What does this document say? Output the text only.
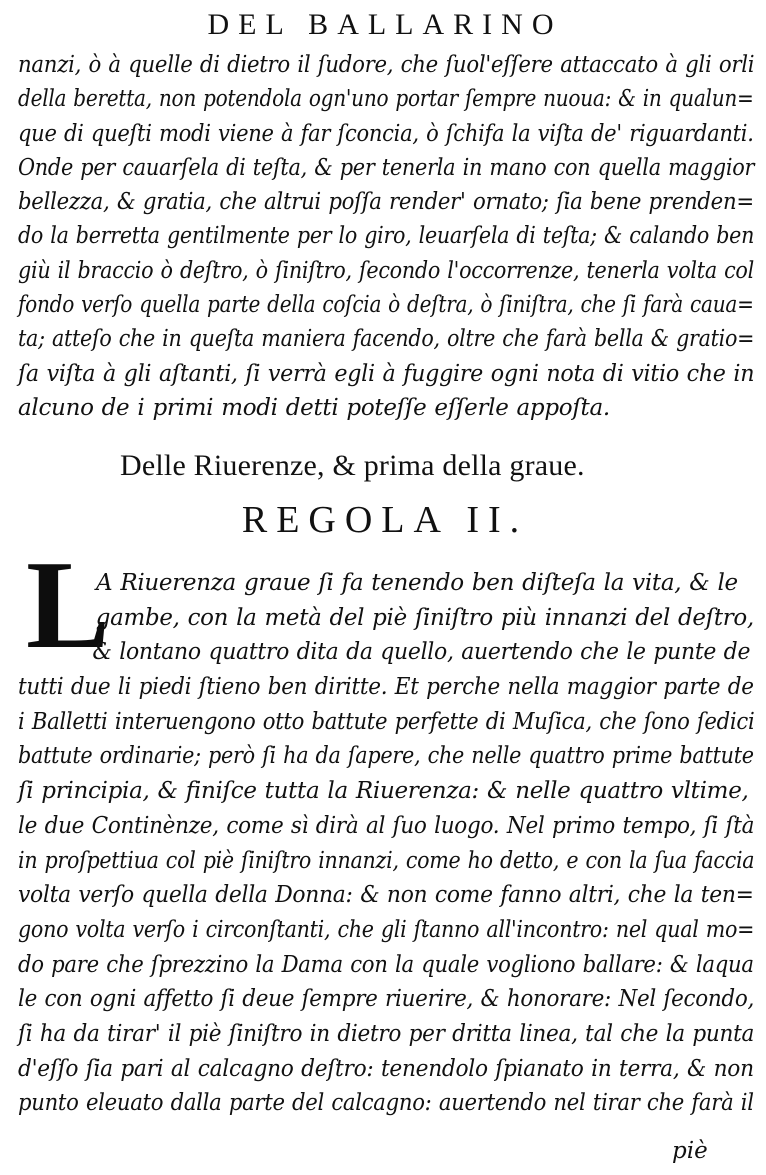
DEL BALLARINO
nanzi, ò à quelle di dietro il ſudore, che ſuol'eſſere attaccato à gli orli
della beretta, non potendola ogn'uno portar ſempre nuoua: & in qualun=
que di queſti modi viene à far ſconcia, ò ſchifa la viſta de' riguardanti.
Onde per cauarſela di teſta, & per tenerla in mano con quella maggior
bellezza, & gratia, che altrui poſſa render' ornato; ſia bene prenden=
do la berretta gentilmente per lo giro, leuarſela di teſta; & calando ben
giù il braccio ò deſtro, ò ſiniſtro, ſecondo l'occorrenze, tenerla volta col
fondo verſo quella parte della coſcia ò deſtra, ò ſiniſtra, che ſi farà caua=
ta; atteſo che in queſta maniera facendo, oltre che farà bella & gratio=
ſa viſta à gli aſtanti, ſi verrà egli à fuggire ogni nota di vitio che in
alcuno de i primi modi detti poteſſe eſſerle appoſta.
Delle Riuerenze, & prima della graue.
REGOLA II.
L
A Riuerenza graue ſi fa tenendo ben diſteſa la vita, & le
gambe, con la metà del piè ſiniſtro più innanzi del deſtro,
& lontano quattro dita da quello, auertendo che le punte de
tutti due li piedi ſtieno ben diritte. Et perche nella maggior parte de
i Balletti interuengono otto battute perfette di Muſica, che ſono ſedici
battute ordinarie; però ſi ha da ſapere, che nelle quattro prime battute
ſi principia, & finiſce tutta la Riuerenza: & nelle quattro vltime,
le due Continènze, come sì dirà al ſuo luogo. Nel primo tempo, ſi ſtà
in proſpettiua col piè ſiniſtro innanzi, come ho detto, e con la ſua faccia
volta verſo quella della Donna: & non come fanno altri, che la ten=
gono volta verſo i circonſtanti, che gli ſtanno all'incontro: nel qual mo=
do pare che ſprezzino la Dama con la quale vogliono ballare: & laqua
le con ogni affetto ſi deue ſempre riuerire, & honorare: Nel ſecondo,
ſi ha da tirar' il piè ſiniſtro in dietro per dritta linea, tal che la punta
d'eſſo ſia pari al calcagno deſtro: tenendolo ſpianato in terra, & non
punto eleuato dalla parte del calcagno: auertendo nel tirar che farà il
piè
